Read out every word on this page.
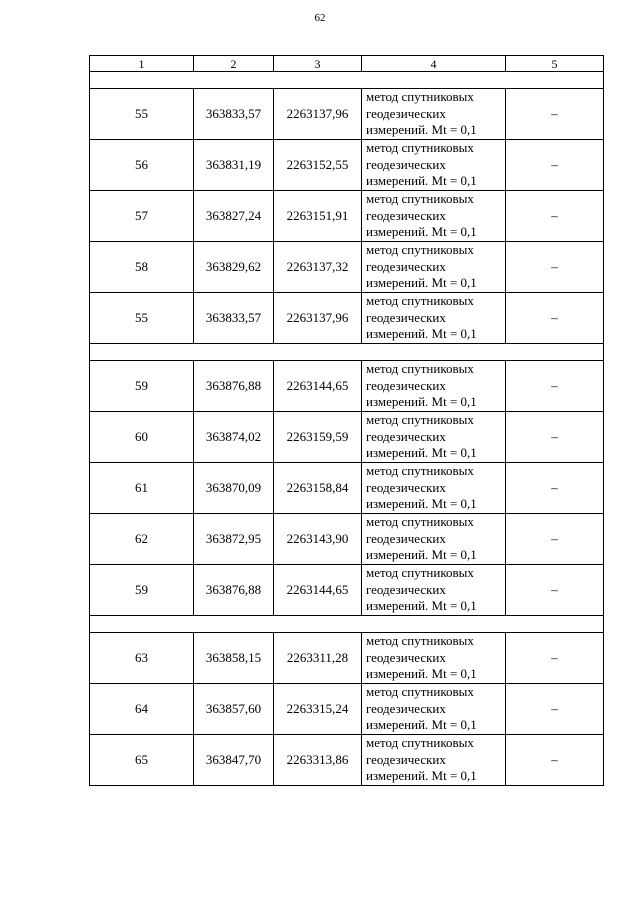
62
1	2	3	4	5

55	363833,57	2263137,96	метод спутниковых
геодезических
измерений. Mt = 0,1	–
56	363831,19	2263152,55	метод спутниковых
геодезических
измерений. Mt = 0,1	–
57	363827,24	2263151,91	метод спутниковых
геодезических
измерений. Mt = 0,1	–
58	363829,62	2263137,32	метод спутниковых
геодезических
измерений. Mt = 0,1	–
55	363833,57	2263137,96	метод спутниковых
геодезических
измерений. Mt = 0,1	–

59	363876,88	2263144,65	метод спутниковых
геодезических
измерений. Mt = 0,1	–
60	363874,02	2263159,59	метод спутниковых
геодезических
измерений. Mt = 0,1	–
61	363870,09	2263158,84	метод спутниковых
геодезических
измерений. Mt = 0,1	–
62	363872,95	2263143,90	метод спутниковых
геодезических
измерений. Mt = 0,1	–
59	363876,88	2263144,65	метод спутниковых
геодезических
измерений. Mt = 0,1	–

63	363858,15	2263311,28	метод спутниковых
геодезических
измерений. Mt = 0,1	–
64	363857,60	2263315,24	метод спутниковых
геодезических
измерений. Mt = 0,1	–
65	363847,70	2263313,86	метод спутниковых
геодезических
измерений. Mt = 0,1	–
